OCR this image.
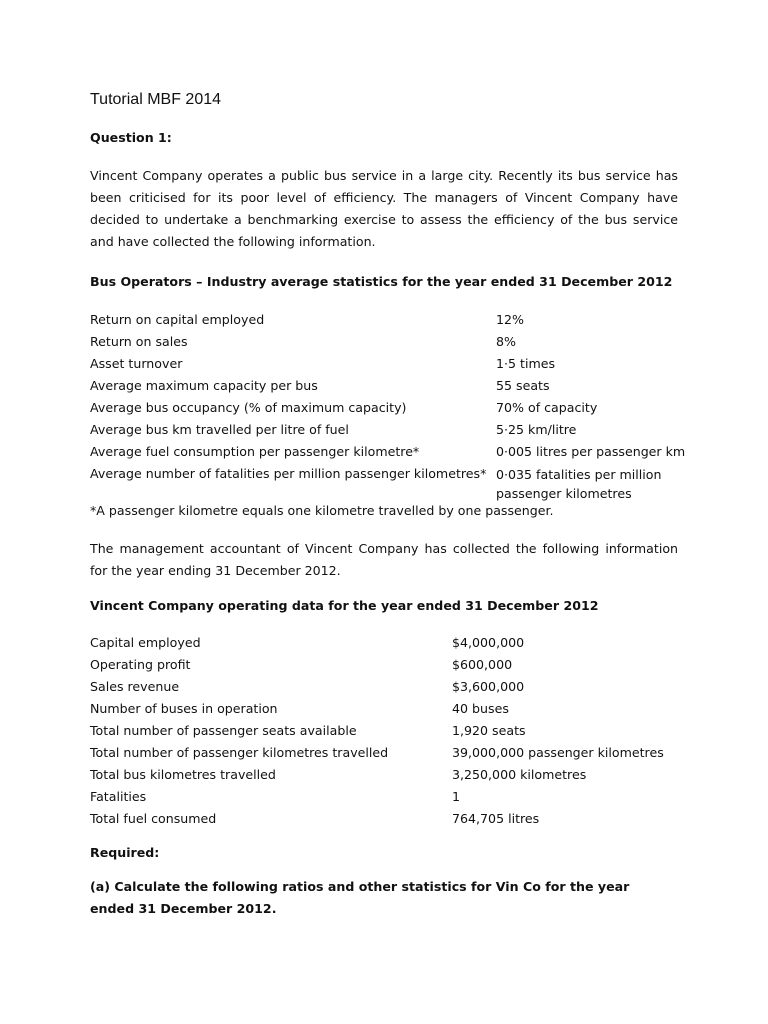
Tutorial MBF 2014
Question 1:
Vincent Company operates a public bus service in a large city. Recently its bus service has been criticised for its poor level of efficiency. The managers of Vincent Company have decided to undertake a benchmarking exercise to assess the efficiency of the bus service and have collected the following information.
Bus Operators – Industry average statistics for the year ended 31 December 2012
Return on capital employed	12%
Return on sales	8%
Asset turnover	1·5 times
Average maximum capacity per bus	55 seats
Average bus occupancy (% of maximum capacity)	70% of capacity
Average bus km travelled per litre of fuel	5·25 km/litre
Average fuel consumption per passenger kilometre*	0·005 litres per passenger km
Average number of fatalities per million passenger kilometres* 0·035 fatalities per million passenger kilometres
*A passenger kilometre equals one kilometre travelled by one passenger.
The management accountant of Vincent Company has collected the following information for the year ending 31 December 2012.
Vincent Company operating data for the year ended 31 December 2012
Capital employed	$4,000,000
Operating profit	$600,000
Sales revenue	$3,600,000
Number of buses in operation	40 buses
Total number of passenger seats available	1,920 seats
Total number of passenger kilometres travelled	39,000,000 passenger kilometres
Total bus kilometres travelled	3,250,000 kilometres
Fatalities	1
Total fuel consumed	764,705 litres
Required:
(a) Calculate the following ratios and other statistics for Vin Co for the year ended 31 December 2012.
